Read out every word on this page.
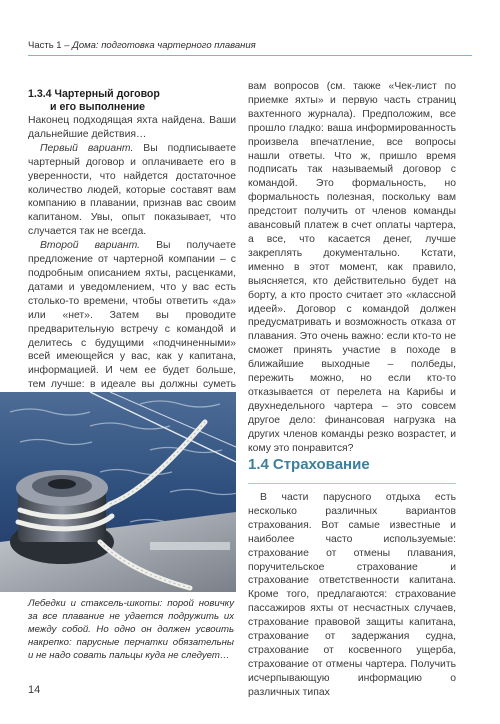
Часть 1 – Дома: подготовка чартерного плавания
1.3.4 Чартерный договор
и его выполнение

Наконец подходящая яхта найдена. Ваши дальнейшие действия…

Первый вариант. Вы подписываете чартерный договор и оплачиваете его в уверенности, что найдется достаточное количество людей, которые составят вам компанию в плавании, признав вас своим капитаном. Увы, опыт показывает, что случается так не всегда.

Второй вариант. Вы получаете предложение от чартерной компании – с подробным описанием яхты, расценками, датами и уведомлением, что у вас есть столько-то времени, чтобы ответить «да» или «нет». Затем вы проводите предварительную встречу с командой и делитесь с будущими «подчиненными» всей имеющейся у вас, как у капитана, информацией. И чем ее будет больше, тем лучше: в идеале вы должны суметь

Лебедки и стаксель-шкоты: порой новичку за все плавание не удается подружить их между собой. Но одно он должен усвоить накрепко: парусные перчатки обязательны и не надо совать пальцы куда не следует…

вам вопросов (см. также «Чек-лист по приемке яхты» и первую часть страниц вахтенного журнала). Предположим, все прошло гладко: ваша информированность произвела впечатление, все вопросы нашли ответы. Что ж, пришло время подписать так называемый договор с командой. Это формальность, но формальность полезная, поскольку вам предстоит получить от членов команды авансовый платеж в счет оплаты чартера, а все, что касается денег, лучше закреплять документально. Кстати, именно в этот момент, как правило, выясняется, кто действительно будет на борту, а кто просто считает это «классной идеей». Договор с командой должен предусматривать и возможность отказа от плавания. Это очень важно: если кто-то не сможет принять участие в походе в ближайшие выходные – полбеды, пережить можно, но если кто-то отказывается от перелета на Карибы и двухнедельного чартера – это совсем другое дело: финансовая нагрузка на других членов команды резко возрастет, и кому это понравится?

1.4 Страхование

В части парусного отдыха есть несколько различных вариантов страхования. Вот самые известные и наиболее часто используемые: страхование от отмены плавания, поручительское страхование и страхование ответственности капитана. Кроме того, предлагаются: страхование пассажиров яхты от несчастных случаев, страхование правовой защиты капитана, страхование от задержания судна, страхование от косвенного ущерба, страхование от отмены чартера. Получить исчерпывающую информацию о различных типах

14
